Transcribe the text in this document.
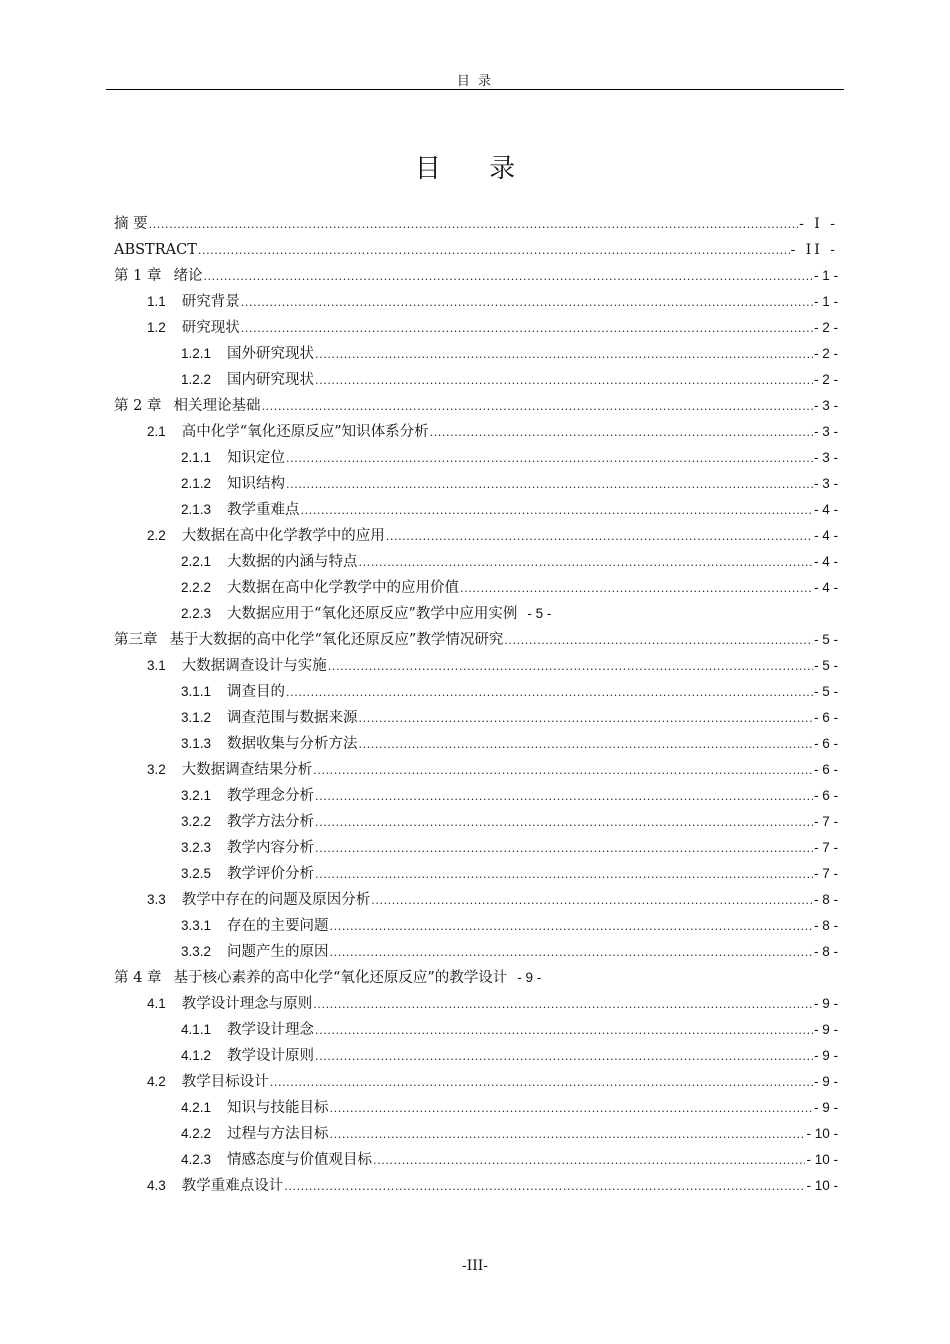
目 录
目 录
摘 要 .....	- I -
ABSTRACT .....	- II -
第 1 章 绪论 .....	- 1 -
1.1 研究背景 .....	- 1 -
1.2 研究现状 .....	- 2 -
1.2.1 国外研究现状 .....	- 2 -
1.2.2 国内研究现状 .....	- 2 -
第 2 章 相关理论基础 .....	- 3 -
2.1 高中化学“氧化还原反应”知识体系分析 .....	- 3 -
2.1.1 知识定位 .....	- 3 -
2.1.2 知识结构 .....	- 3 -
2.1.3 教学重难点 .....	- 4 -
2.2 大数据在高中化学教学中的应用 .....	- 4 -
2.2.1 大数据的内涵与特点 .....	- 4 -
2.2.2 大数据在高中化学教学中的应用价值 .....	- 4 -
2.2.3 大数据应用于“氧化还原反应”教学中应用实例 - 5 -
第三章 基于大数据的高中化学“氧化还原反应”教学情况研究 .....	- 5 -
3.1 大数据调查设计与实施 .....	- 5 -
3.1.1 调查目的 .....	- 5 -
3.1.2 调查范围与数据来源 .....	- 6 -
3.1.3 数据收集与分析方法 .....	- 6 -
3.2 大数据调查结果分析 .....	- 6 -
3.2.1 教学理念分析 .....	- 6 -
3.2.2 教学方法分析 .....	- 7 -
3.2.3 教学内容分析 .....	- 7 -
3.2.5 教学评价分析 .....	- 7 -
3.3 教学中存在的问题及原因分析 .....	- 8 -
3.3.1 存在的主要问题 .....	- 8 -
3.3.2 问题产生的原因 .....	- 8 -
第 4 章 基于核心素养的高中化学“氧化还原反应”的教学设计 - 9 -
4.1 教学设计理念与原则 .....	- 9 -
4.1.1 教学设计理念 .....	- 9 -
4.1.2 教学设计原则 .....	- 9 -
4.2 教学目标设计 .....	- 9 -
4.2.1 知识与技能目标 .....	- 9 -
4.2.2 过程与方法目标 .....	- 10 -
4.2.3 情感态度与价值观目标 .....	- 10 -
4.3 教学重难点设计 .....	- 10 -
-III-
